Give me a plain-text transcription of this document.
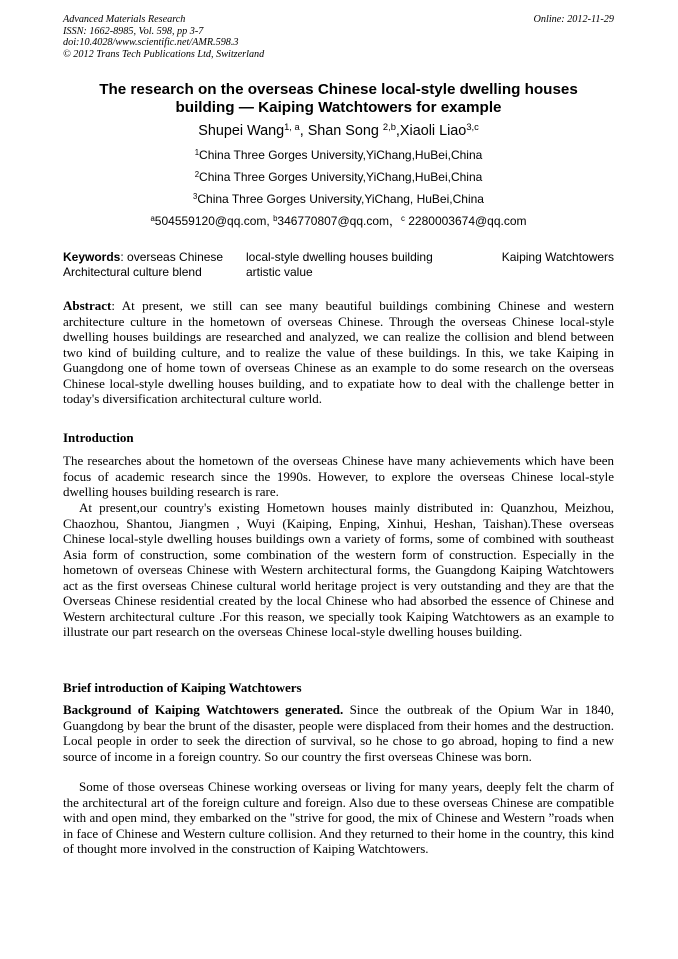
Advanced Materials Research
ISSN: 1662-8985, Vol. 598, pp 3-7
doi:10.4028/www.scientific.net/AMR.598.3
© 2012 Trans Tech Publications Ltd, Switzerland
Online: 2012-11-29
The research on the overseas Chinese local-style dwelling houses
building — Kaiping Watchtowers for example
Shupei Wang$^{1, a}$, Shan Song $^{2,b}$,Xiaoli Liao$^{3,c}$
$^1$China Three Gorges University,YiChang,HuBei,China
$^2$China Three Gorges University,YiChang,HuBei,China
$^3$China Three Gorges University,YiChang, HuBei,China
$^a$504559120@qq.com, $^b$346770807@qq.com，$^c$ 2280003674@qq.com
Keywords: overseas Chinese local-style dwelling houses building	Kaiping Watchtowers
Architectural culture blend	artistic value

Abstract: At present, we still can see many beautiful buildings combining Chinese and western architecture culture in the hometown of overseas Chinese. Through the overseas Chinese local-style dwelling houses buildings are researched and analyzed, we can realize the collision and blend between two kind of building culture, and to realize the value of these buildings. In this, we take Kaiping in Guangdong one of home town of overseas Chinese as an example to do some research on the overseas Chinese local-style dwelling houses building, and to expatiate how to deal with the challenge better in today's diversification architectural culture world.

Introduction

The researches about the hometown of the overseas Chinese have many achievements which have been focus of academic research since the 1990s. However, to explore the overseas Chinese local-style dwelling houses building research is rare.

At present,our country's existing Hometown houses mainly distributed in: Quanzhou, Meizhou, Chaozhou, Shantou, Jiangmen , Wuyi (Kaiping, Enping, Xinhui, Heshan, Taishan).These overseas Chinese local-style dwelling houses buildings own a variety of forms, some of combined with southeast Asia form of construction, some combination of the western form of construction. Especially in the hometown of overseas Chinese with Western architectural forms, the Guangdong Kaiping Watchtowers act as the first overseas Chinese cultural world heritage project is very outstanding and they are that the Overseas Chinese residential created by the local Chinese who had absorbed the essence of Chinese and Western architectural culture .For this reason, we specially took Kaiping Watchtowers as an example to illustrate our part research on the overseas Chinese local-style dwelling houses building.

Brief introduction of Kaiping Watchtowers

Background of Kaiping Watchtowers generated. Since the outbreak of the Opium War in 1840, Guangdong by bear the brunt of the disaster, people were displaced from their homes and the destruction. Local people in order to seek the direction of survival, so he chose to go abroad, hoping to find a new source of income in a foreign country. So our country the first overseas Chinese was born.

Some of those overseas Chinese working overseas or living for many years, deeply felt the charm of the architectural art of the foreign culture and foreign. Also due to these overseas Chinese are compatible with and open mind, they embarked on the "strive for good, the mix of Chinese and Western ”roads when in face of Chinese and Western culture collision. And they returned to their home in the country, this kind of thought more involved in the construction of Kaiping Watchtowers.
